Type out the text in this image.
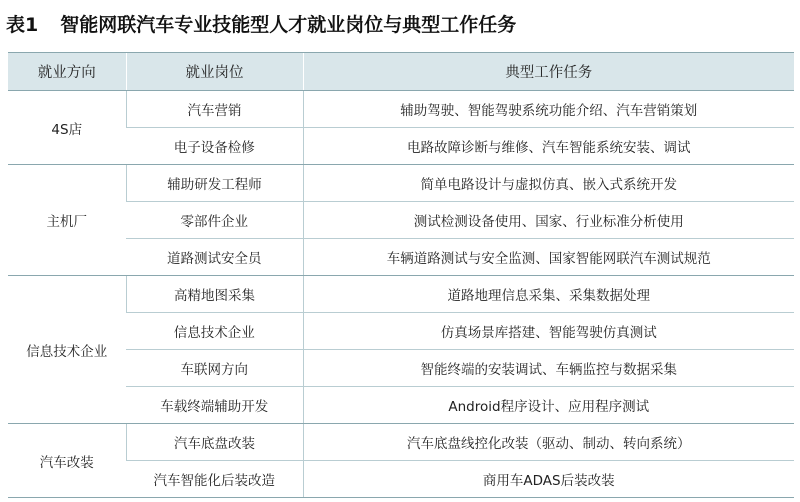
表1 智能网联汽车专业技能型人才就业岗位与典型工作任务
就业方向	就业岗位	典型工作任务
4S店	汽车营销	辅助驾驶、智能驾驶系统功能介绍、汽车营销策划
	电子设备检修	电路故障诊断与维修、汽车智能系统安装、调试
主机厂	辅助研发工程师	简单电路设计与虚拟仿真、嵌入式系统开发
	零部件企业	测试检测设备使用、国家、行业标准分析使用
	道路测试安全员	车辆道路测试与安全监测、国家智能网联汽车测试规范
信息技术企业	高精地图采集	道路地理信息采集、采集数据处理
	信息技术企业	仿真场景库搭建、智能驾驶仿真测试
	车联网方向	智能终端的安装调试、车辆监控与数据采集
	车载终端辅助开发	Android程序设计、应用程序测试
汽车改装	汽车底盘改装	汽车底盘线控化改装（驱动、制动、转向系统）
	汽车智能化后装改造	商用车ADAS后装改装
